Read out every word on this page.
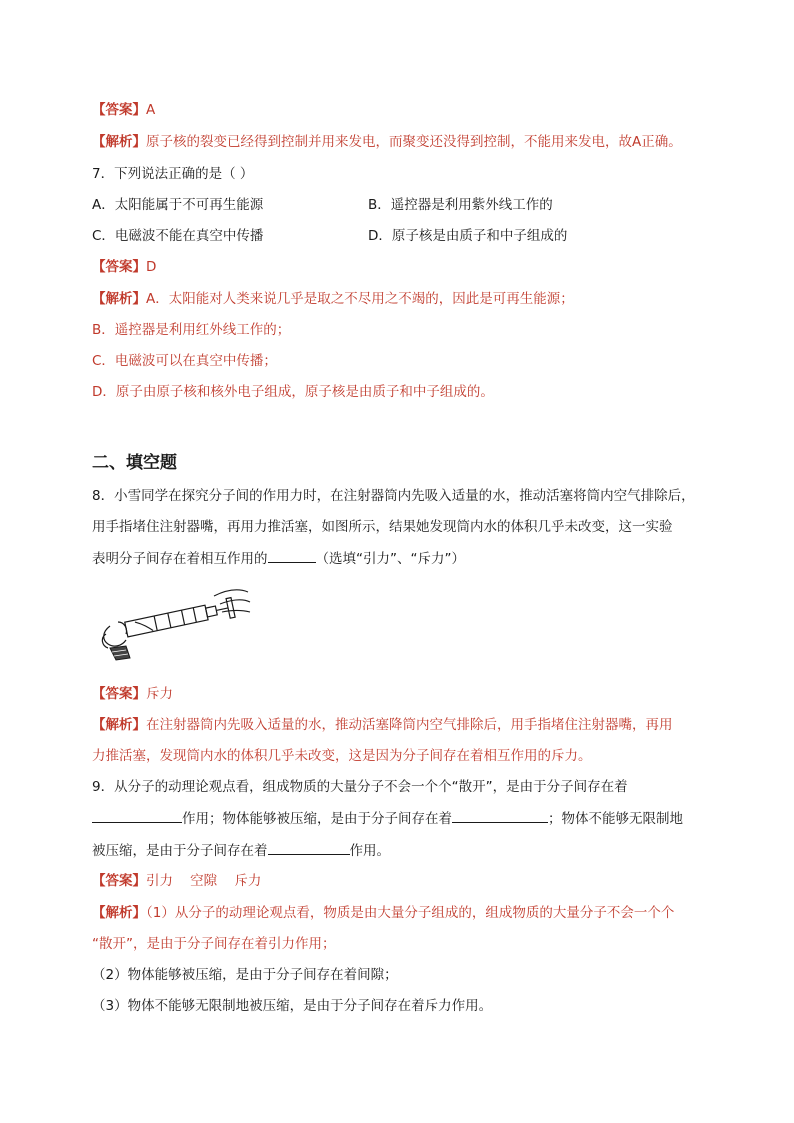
【答案】A
【解析】原子核的裂变已经得到控制并用来发电，而聚变还没得到控制，不能用来发电，故A正确。
7．下列说法正确的是（ ）
A．太阳能属于不可再生能源	B．遥控器是利用紫外线工作的
C．电磁波不能在真空中传播	D．原子核是由质子和中子组成的
【答案】D
【解析】A．太阳能对人类来说几乎是取之不尽用之不竭的，因此是可再生能源；
B．遥控器是利用红外线工作的；
C．电磁波可以在真空中传播；
D．原子由原子核和核外电子组成，原子核是由质子和中子组成的。
二、填空题
8．小雪同学在探究分子间的作用力时，在注射器筒内先吸入适量的水，推动活塞将筒内空气排除后，
用手指堵住注射器嘴，再用力推活塞，如图所示，结果她发现筒内水的体积几乎未改变，这一实验
表明分子间存在着相互作用的	（选填“引力”、“斥力”）
【答案】斥力
【解析】在注射器筒内先吸入适量的水，推动活塞降筒内空气排除后，用手指堵住注射器嘴，再用
力推活塞，发现筒内水的体积几乎未改变，这是因为分子间存在着相互作用的斥力。
9．从分子的动理论观点看，组成物质的大量分子不会一个个“散开”，是由于分子间存在着
作用；物体能够被压缩，是由于分子间存在着	；物体不能够无限制地
被压缩，是由于分子间存在着	作用。
【答案】引力    空隙    斥力
【解析】（1）从分子的动理论观点看，物质是由大量分子组成的，组成物质的大量分子不会一个个
“散开”，是由于分子间存在着引力作用；
（2）物体能够被压缩，是由于分子间存在着间隙；
（3）物体不能够无限制地被压缩，是由于分子间存在着斥力作用。
